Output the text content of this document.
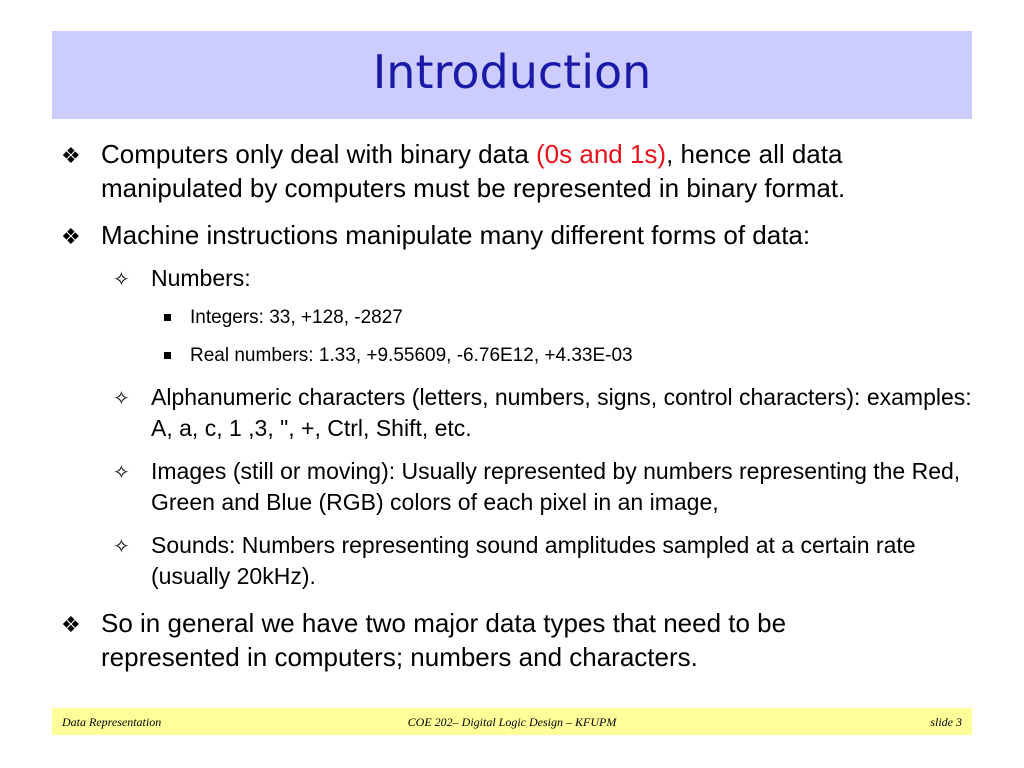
Introduction
❖ Computers only deal with binary data (0s and 1s), hence all data manipulated by computers must be represented in binary format.
❖ Machine instructions manipulate many different forms of data:
✧ Numbers:
Integers: 33, +128, -2827
Real numbers: 1.33, +9.55609, -6.76E12, +4.33E-03
✧ Alphanumeric characters (letters, numbers, signs, control characters): examples: A, a, c, 1 ,3, ", +, Ctrl, Shift, etc.
✧ Images (still or moving): Usually represented by numbers representing the Red, Green and Blue (RGB) colors of each pixel in an image,
✧ Sounds: Numbers representing sound amplitudes sampled at a certain rate (usually 20kHz).
❖ So in general we have two major data types that need to be represented in computers; numbers and characters.
Data Representation	COE 202– Digital Logic Design – KFUPM	slide 3
